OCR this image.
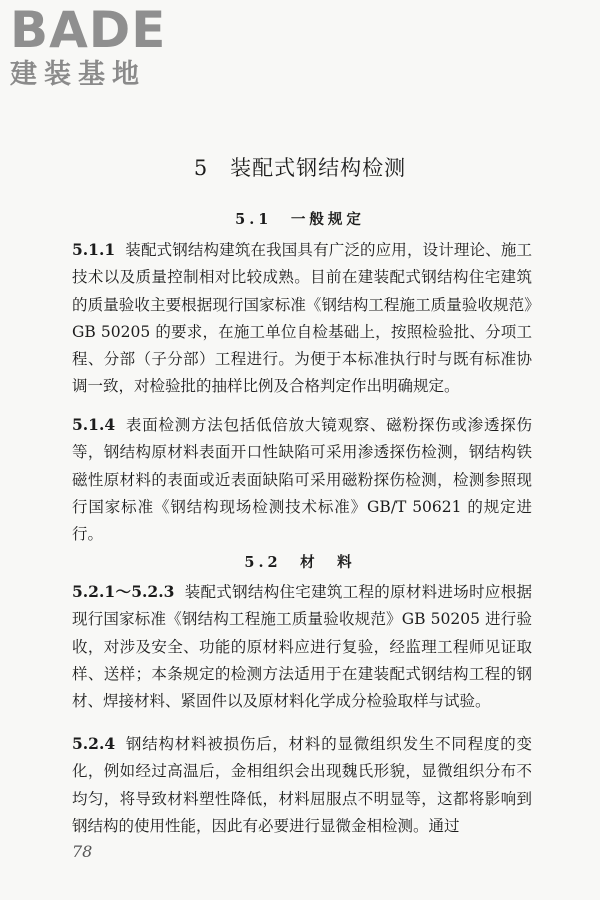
BADE
建装基地
5　装配式钢结构检测
5.1　一般规定

5.1.1 装配式钢结构建筑在我国具有广泛的应用，设计理论、施工技术以及质量控制相对比较成熟。目前在建装配式钢结构住宅建筑的质量验收主要根据现行国家标准《钢结构工程施工质量验收规范》GB 50205 的要求，在施工单位自检基础上，按照检验批、分项工程、分部（子分部）工程进行。为便于本标准执行时与既有标准协调一致，对检验批的抽样比例及合格判定作出明确规定。

5.1.4 表面检测方法包括低倍放大镜观察、磁粉探伤或渗透探伤等，钢结构原材料表面开口性缺陷可采用渗透探伤检测，钢结构铁磁性原材料的表面或近表面缺陷可采用磁粉探伤检测，检测参照现行国家标准《钢结构现场检测技术标准》GB/T 50621 的规定进行。

5.2　材　料

5.2.1～5.2.3 装配式钢结构住宅建筑工程的原材料进场时应根据现行国家标准《钢结构工程施工质量验收规范》GB 50205 进行验收，对涉及安全、功能的原材料应进行复验，经监理工程师见证取样、送样；本条规定的检测方法适用于在建装配式钢结构工程的钢材、焊接材料、紧固件以及原材料化学成分检验取样与试验。

5.2.4 钢结构材料被损伤后，材料的显微组织发生不同程度的变化，例如经过高温后，金相组织会出现魏氏形貌，显微组织分布不均匀，将导致材料塑性降低，材料屈服点不明显等，这都将影响到钢结构的使用性能，因此有必要进行显微金相检测。通过

78
